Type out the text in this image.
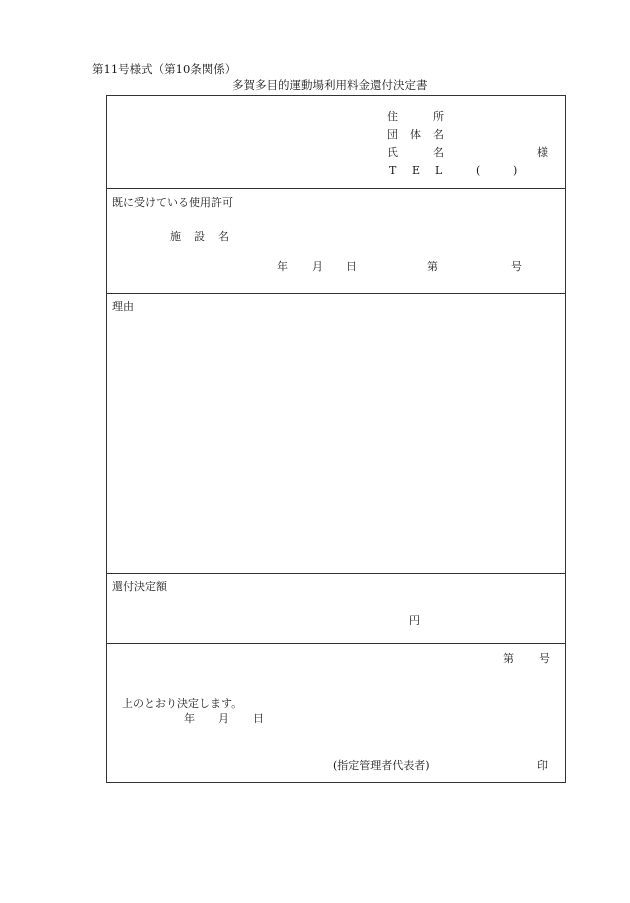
第11号様式（第10条関係）
多賀多目的運動場利用料金還付決定書
住	所
団 体 名
氏	名	様
T E L	(	)
既に受けている使用許可
施 設 名
年 月 日	第	号
理由
還付決定額
円
第 号
上のとおり決定します。
年 月 日
(指定管理者代表者)	印
